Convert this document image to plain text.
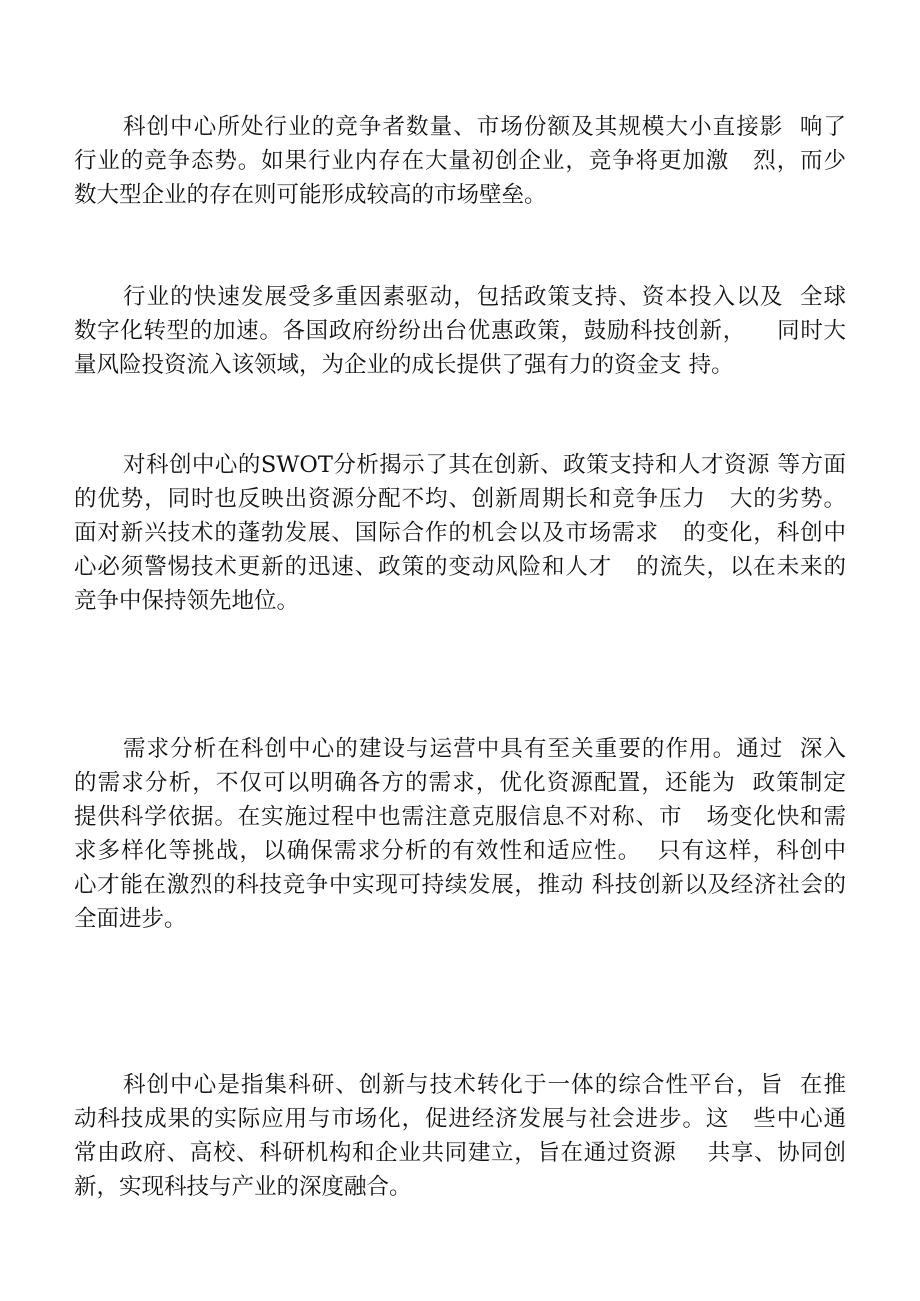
科创中心所处行业的竞争者数量、市场份额及其规模大小直接影  响了
行业的竞争态势。如果行业内存在大量初创企业，竞争将更加激   烈，而少
数大型企业的存在则可能形成较高的市场壁垒。
行业的快速发展受多重因素驱动，包括政策支持、资本投入以及  全球
数字化转型的加速。各国政府纷纷出台优惠政策，鼓励科技创新，    同时大
量风险投资流入该领域，为企业的成长提供了强有力的资金支 持。
对科创中心的SWOT分析揭示了其在创新、政策支持和人才资源 等方面
的优势，同时也反映出资源分配不均、创新周期长和竞争压力   大的劣势。
面对新兴技术的蓬勃发展、国际合作的机会以及市场需求   的变化，科创中
心必须警惕技术更新的迅速、政策的变动风险和人才   的流失，以在未来的
竞争中保持领先地位。
需求分析在科创中心的建设与运营中具有至关重要的作用。通过  深入
的需求分析，不仅可以明确各方的需求，优化资源配置，还能为  政策制定
提供科学依据。在实施过程中也需注意克服信息不对称、市   场变化快和需
求多样化等挑战，以确保需求分析的有效性和适应性。  只有这样，科创中
心才能在激烈的科技竞争中实现可持续发展，推动 科技创新以及经济社会的
全面进步。
科创中心是指集科研、创新与技术转化于一体的综合性平台，旨  在推
动科技成果的实际应用与市场化，促进经济发展与社会进步。这   些中心通
常由政府、高校、科研机构和企业共同建立，旨在通过资源    共享、协同创
新，实现科技与产业的深度融合。
